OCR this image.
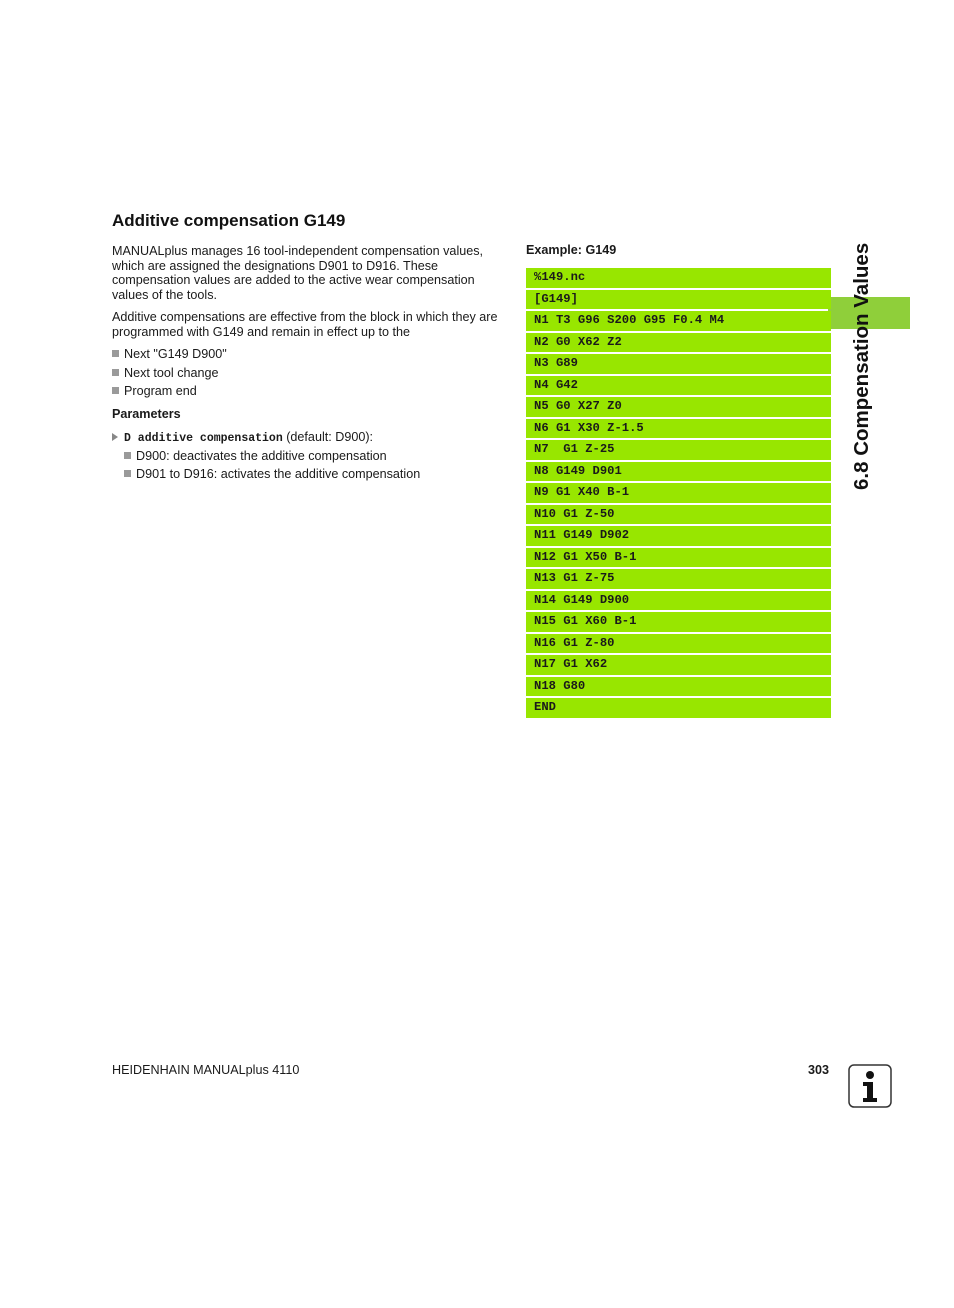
6.8 Compensation Values
Additive compensation G149

MANUALplus manages 16 tool-independent compensation values, which are assigned the designations D901 to D916. These compensation values are added to the active wear compensation values of the tools.

Additive compensations are effective from the block in which they are programmed with G149 and remain in effect up to the

Next "G149 D900"
Next tool change
Program end
Parameters
D additive compensation (default: D900):
D900: deactivates the additive compensation
D901 to D916: activates the additive compensation
Example: G149
%149.nc
[G149]
N1 T3 G96 S200 G95 F0.4 M4
N2 G0 X62 Z2
N3 G89
N4 G42
N5 G0 X27 Z0
N6 G1 X30 Z-1.5
N7  G1 Z-25
N8 G149 D901
N9 G1 X40 B-1
N10 G1 Z-50
N11 G149 D902
N12 G1 X50 B-1
N13 G1 Z-75
N14 G149 D900
N15 G1 X60 B-1
N16 G1 Z-80
N17 G1 X62
N18 G80
END
HEIDENHAIN MANUALplus 4110	303
